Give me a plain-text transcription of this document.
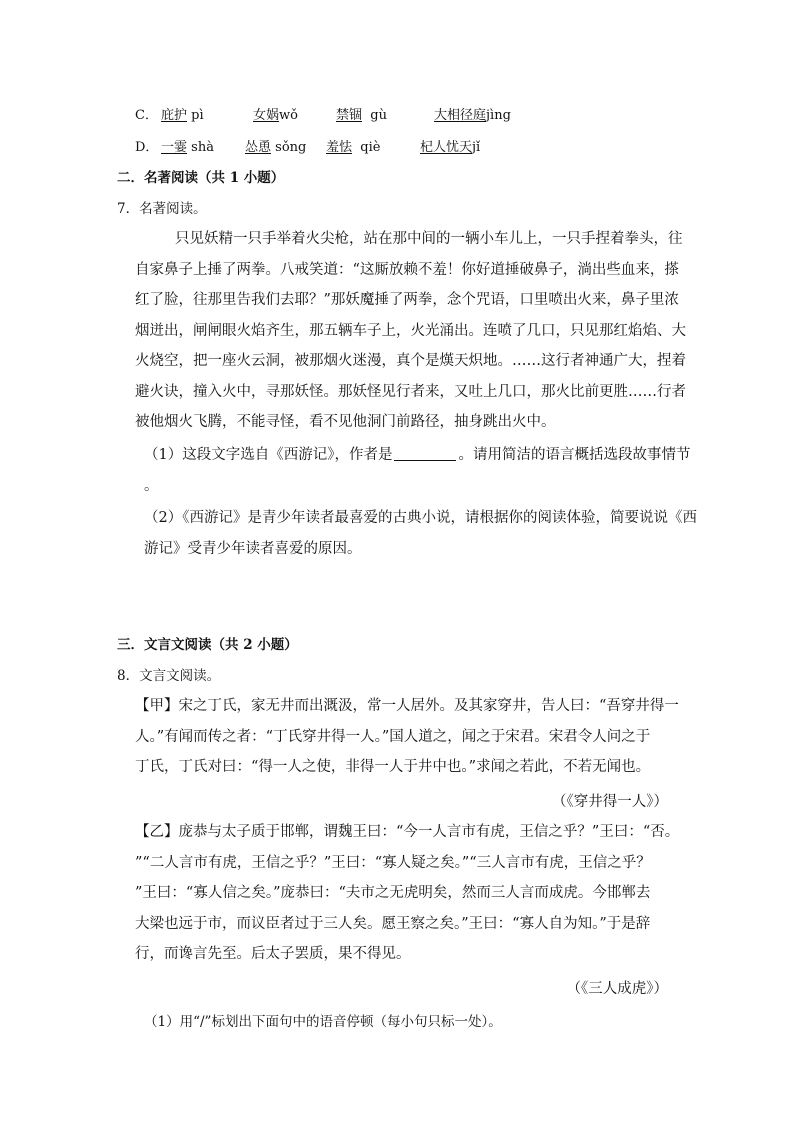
C． 庇护 pì	女娲wǒ	禁锢 gù	大相径庭jìng
D． 一霎 shà 怂恿 sǒng 羞怯 qiè	杞人忧天jǐ
二．名著阅读（共 1 小题）
7．名著阅读。
只见妖精一只手举着火尖枪，站在那中间的一辆小车儿上，一只手捏着拳头，往
自家鼻子上捶了两拳。八戒笑道：“这厮放赖不羞！你好道捶破鼻子，淌出些血来，搽
红了脸，往那里告我们去耶？”那妖魔捶了两拳，念个咒语，口里喷出火来，鼻子里浓
烟迸出，闸闸眼火焰齐生，那五辆车子上，火光涌出。连喷了几口，只见那红焰焰、大
火烧空，把一座火云洞，被那烟火迷漫，真个是熯天炽地。……这行者神通广大，捏着
避火诀，撞入火中，寻那妖怪。那妖怪见行者来，又吐上几口，那火比前更胜……行者
被他烟火飞腾，不能寻怪，看不见他洞门前路径，抽身跳出火中。
（1）这段文字选自《西游记》，作者是	。请用简洁的语言概括选段故事情节
。
（2）《西游记》是青少年读者最喜爱的古典小说，请根据你的阅读体验，简要说说《西
游记》受青少年读者喜爱的原因。
三．文言文阅读（共 2 小题）
8．文言文阅读。
【甲】宋之丁氏，家无井而出溉汲，常一人居外。及其家穿井，告人曰：“吾穿井得一
人。”有闻而传之者：“丁氏穿井得一人。”国人道之，闻之于宋君。宋君令人问之于
丁氏，丁氏对曰：“得一人之使，非得一人于井中也。”求闻之若此，不若无闻也。
（《穿井得一人》）
【乙】庞恭与太子质于邯郸，谓魏王曰：“今一人言市有虎，王信之乎？”王曰：“否。
”“二人言市有虎，王信之乎？”王曰：“寡人疑之矣。”“三人言市有虎，王信之乎？
”王曰：“寡人信之矣。”庞恭曰：“夫市之无虎明矣，然而三人言而成虎。今邯郸去
大梁也远于市，而议臣者过于三人矣。愿王察之矣。”王曰：“寡人自为知。”于是辞
行，而谗言先至。后太子罢质，果不得见。
（《三人成虎》）
（1）用“/”标划出下面句中的语音停顿（每小句只标一处）。
